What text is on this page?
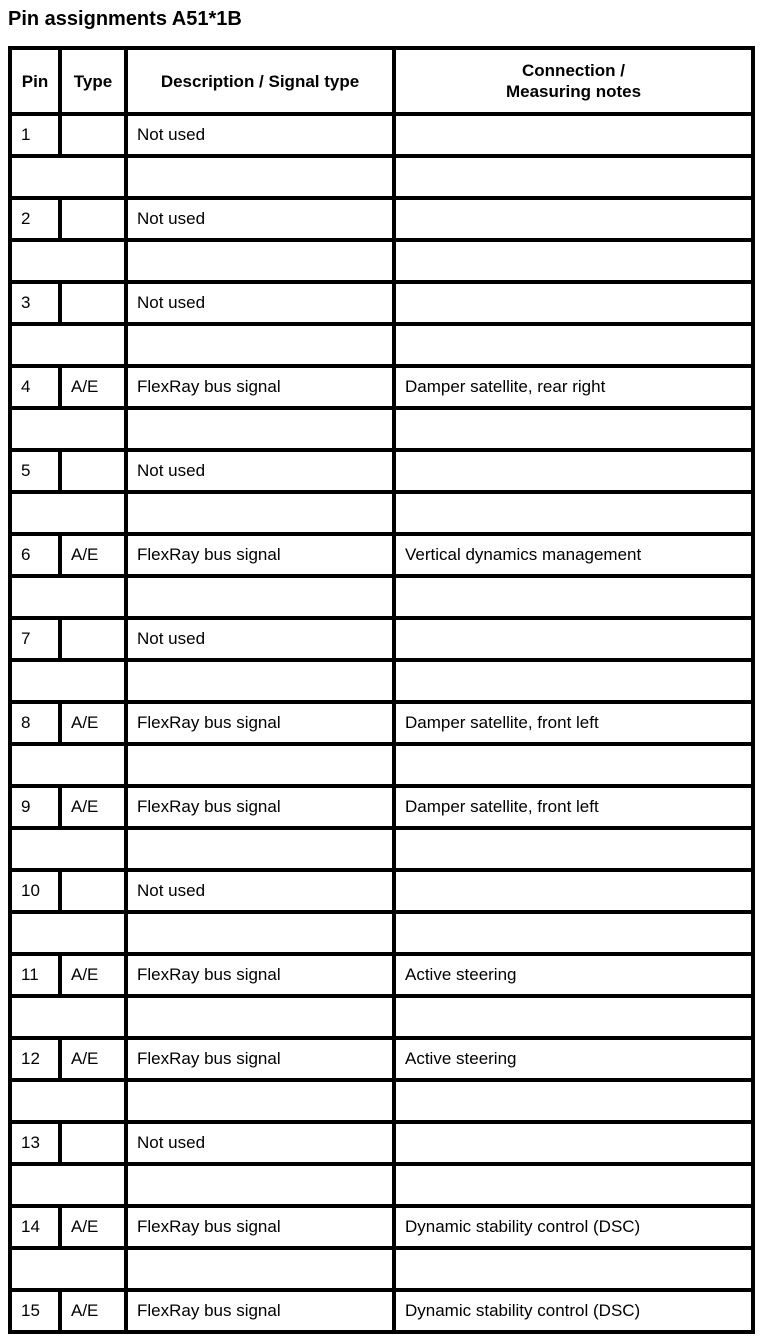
Pin assignments A51*1B
Pin	Type	Description / Signal type	Connection /
Measuring notes
1		Not used	

2		Not used	

3		Not used	

4	A/E	FlexRay bus signal	Damper satellite, rear right

5		Not used	

6	A/E	FlexRay bus signal	Vertical dynamics management

7		Not used	

8	A/E	FlexRay bus signal	Damper satellite, front left

9	A/E	FlexRay bus signal	Damper satellite, front left

10		Not used	

11	A/E	FlexRay bus signal	Active steering

12	A/E	FlexRay bus signal	Active steering

13		Not used	

14	A/E	FlexRay bus signal	Dynamic stability control (DSC)

15	A/E	FlexRay bus signal	Dynamic stability control (DSC)
